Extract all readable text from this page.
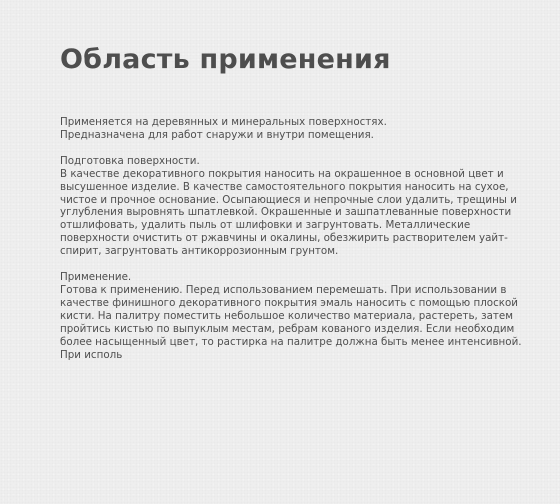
Область применения

Применяется на деревянных и минеральных поверхностях.
Предназначена для работ снаружи и внутри помещения.

Подготовка поверхности.
В качестве декоративного покрытия наносить на окрашенное в основной цвет и
высушенное изделие. В качестве самостоятельного покрытия наносить на сухое,
чистое и прочное основание. Осыпающиеся и непрочные слои удалить, трещины и
углубления выровнять шпатлевкой. Окрашенные и зашпатлеванные поверхности
отшлифовать, удалить пыль от шлифовки и загрунтовать. Металлические
поверхности очистить от ржавчины и окалины, обезжирить растворителем уайт-
спирит, загрунтовать антикоррозионным грунтом.

Применение.
Готова к применению. Перед использованием перемешать. При использовании в
качестве финишного декоративного покрытия эмаль наносить с помощью плоской
кисти. На палитру поместить небольшое количество материала, растереть, затем
пройтись кистью по выпуклым местам, ребрам кованого изделия. Если необходим
более насыщенный цвет, то растирка на палитре должна быть менее интенсивной.
При исполь
